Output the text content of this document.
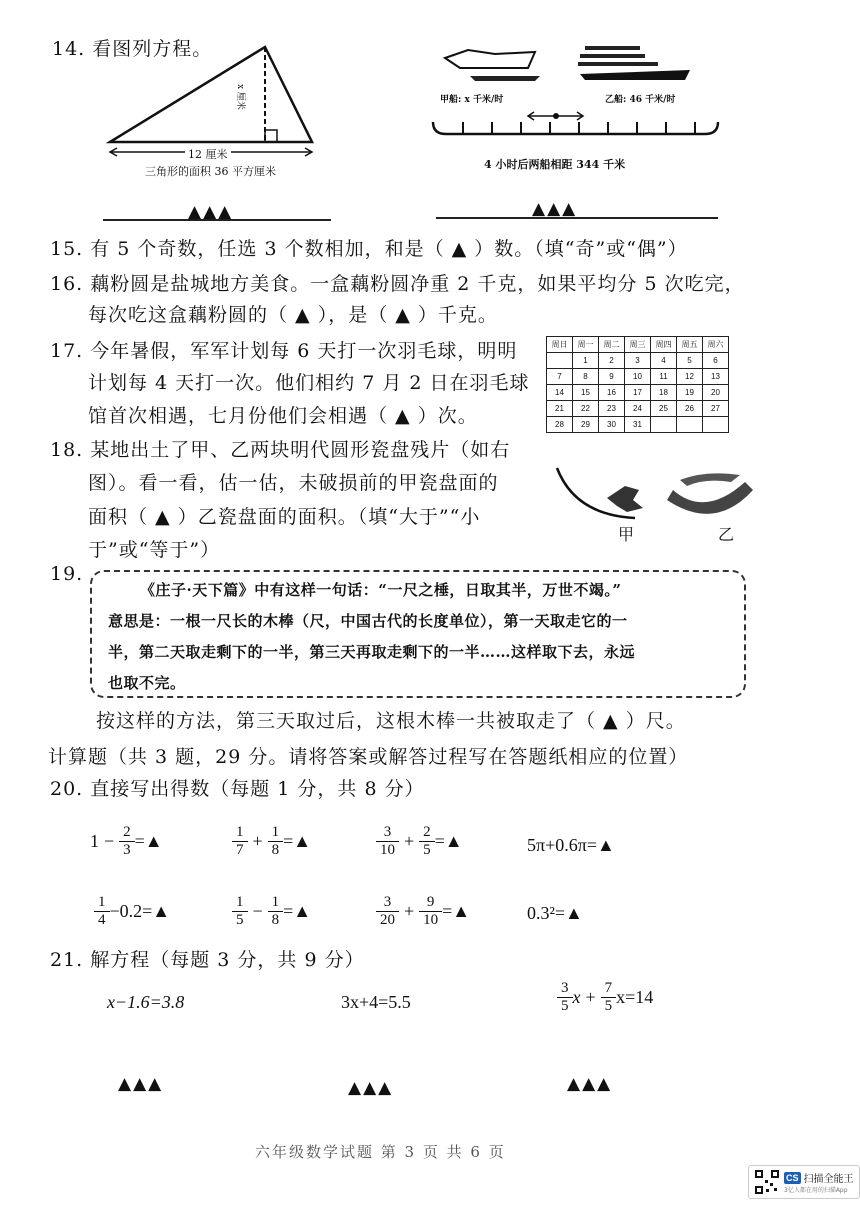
14. 看图列方程。
x 厘米
12 厘米
三角形的面积 36 平方厘米
▲▲▲
甲船: x 千米/时	乙船: 46 千米/时
4 小时后两船相距 344 千米
▲▲▲
15. 有 5 个奇数，任选 3 个数相加，和是（ ▲ ）数。（填“奇”或“偶”）
16. 藕粉圆是盐城地方美食。一盒藕粉圆净重 2 千克，如果平均分 5 次吃完，
每次吃这盒藕粉圆的（ ▲ ），是（ ▲ ）千克。
17. 今年暑假，军军计划每 6 天打一次羽毛球，明明
计划每 4 天打一次。他们相约 7 月 2 日在羽毛球
馆首次相遇，七月份他们会相遇（ ▲ ）次。
周日	周一	周二	周三	周四	周五	周六
	1	2	3	4	5	6
7	8	9	10	11	12	13
14	15	16	17	18	19	20
21	22	23	24	25	26	27
28	29	30	31			
18. 某地出土了甲、乙两块明代圆形瓷盘残片（如右
图）。看一看，估一估，未破损前的甲瓷盘面的
面积（ ▲ ）乙瓷盘面的面积。（填“大于”“小
于”或“等于”）
甲	乙
19.
《庄子·天下篇》中有这样一句话：“一尺之棰，日取其半，万世不竭。”
意思是：一根一尺长的木棒（尺，中国古代的长度单位），第一天取走它的一
半，第二天取走剩下的一半，第三天再取走剩下的一半……这样取下去，永远
也取不完。
按这样的方法，第三天取过后，这根木棒一共被取走了（ ▲ ）尺。
计算题（共 3 题，29 分。请将答案或解答过程写在答题纸相应的位置）
20. 直接写出得数（每题 1 分，共 8 分）
$1 - \frac{2}{3}$ =▲	$\frac{1}{7} + \frac{1}{8}$ =▲	$\frac{3}{10} + \frac{2}{5}$ =▲	5π+0.6π=▲
$\frac{1}{4}$ −0.2=▲	$\frac{1}{5} - \frac{1}{8}$ =▲	$\frac{3}{20} + \frac{9}{10}$ =▲	0.3²=▲
21. 解方程（每题 3 分，共 9 分）
x−1.6=3.8	3x+4=5.5	$\frac{3}{5}$ $x + \frac{7}{5} x=14$
▲▲▲	▲▲▲	▲▲▲
六年级数学试题 第 3 页 共 6 页
CS 扫描全能王
3亿人都在用的扫描App
